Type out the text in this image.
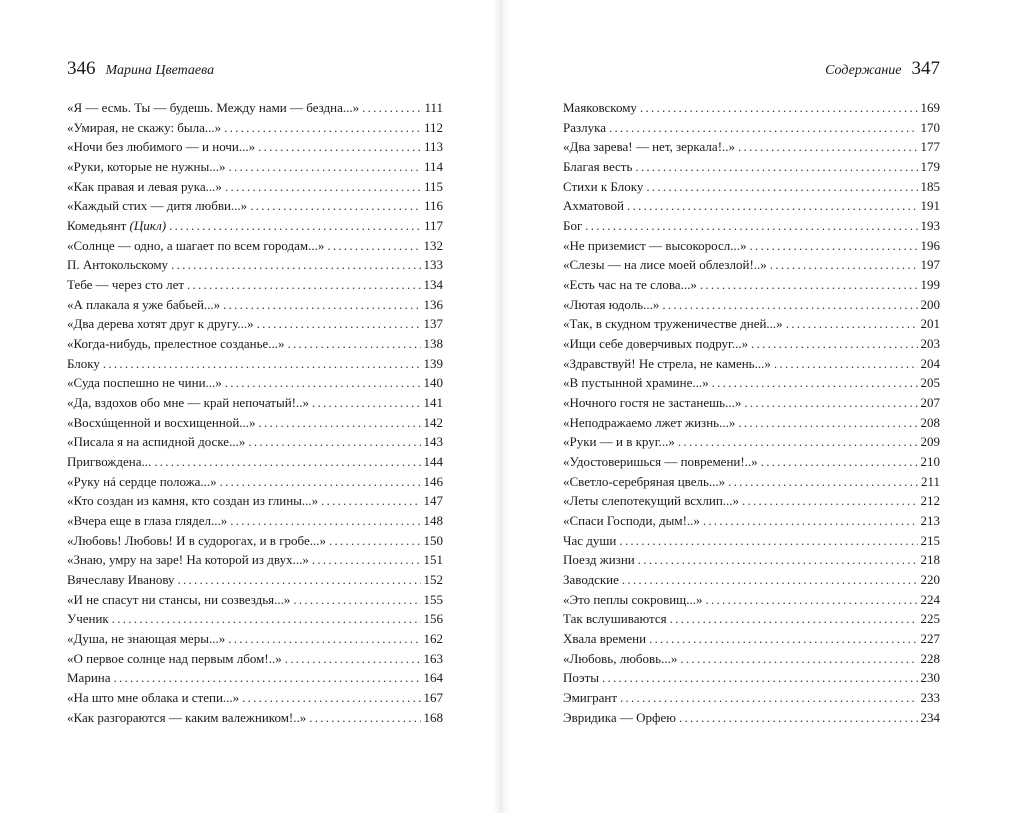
346 Марина Цветаева
«Я — есмь. Ты — будешь. Между нами — бездна...» . . .	111
«Умирая, не скажу: была...» . . .	112
«Ночи без любимого — и ночи...» . . .	113
«Руки, которые не нужны...» . . .	114
«Как правая и левая рука...» . . .	115
«Каждый стих — дитя любви...» . . .	116
Комедьянт (Цикл) . . .	117
«Солнце — одно, а шагает по всем городам...» . . .	132
П. Антокольскому . . .	133
Тебе — через сто лет . . .	134
«А плакала я уже бабьей...» . . .	136
«Два дерева хотят друг к другу...» . . .	137
«Когда-нибудь, прелестное созданье...» . . .	138
Блоку . . .	139
«Суда поспешно не чини...» . . .	140
«Да, вздохов обо мне — край непочатый!..» . . .	141
«Восхúщенной и восхищенной...» . . .	142
«Писала я на аспидной доске...» . . .	143
Пригвождена... . . .	144
«Руку нá сердце положа...» . . .	146
«Кто создан из камня, кто создан из глины...» . . .	147
«Вчера еще в глаза глядел...» . . .	148
«Любовь! Любовь! И в судорогах, и в гробе...» . . .	150
«Знаю, умру на заре! На которой из двух...» . . .	151
Вячеславу Иванову . . .	152
«И не спасут ни стансы, ни созвездья...» . . .	155
Ученик . . .	156
«Душа, не знающая меры...» . . .	162
«О первое солнце над первым лбом!..» . . .	163
Марина . . .	164
«На што мне облака и степи...» . . .	167
«Как разгораются — каким валежником!..» . . .	168
Содержание 347
Маяковскому . . .	169
Разлука . . .	170
«Два зарева! — нет, зеркала!..» . . .	177
Благая весть . . .	179
Стихи к Блоку . . .	185
Ахматовой . . .	191
Бог . . .	193
«Не приземист — высокоросл...» . . .	196
«Слезы — на лисе моей облезлой!..» . . .	197
«Есть час на те слова...» . . .	199
«Лютая юдоль...» . . .	200
«Так, в скудном труженичестве дней...» . . .	201
«Ищи себе доверчивых подруг...» . . .	203
«Здравствуй! Не стрела, не камень...» . . .	204
«В пустынной храмине...» . . .	205
«Ночного гостя не застанешь...» . . .	207
«Неподражаемо лжет жизнь...» . . .	208
«Руки — и в круг...» . . .	209
«Удостоверишься — повремени!..» . . .	210
«Светло-серебряная цвель...» . . .	211
«Леты слепотекущий всхлип...» . . .	212
«Спаси Господи, дым!..» . . .	213
Час души . . .	215
Поезд жизни . . .	218
Заводские . . .	220
«Это пеплы сокровищ...» . . .	224
Так вслушиваются . . .	225
Хвала времени . . .	227
«Любовь, любовь...» . . .	228
Поэты . . .	230
Эмигрант . . .	233
Эвридика — Орфею . . .	234
